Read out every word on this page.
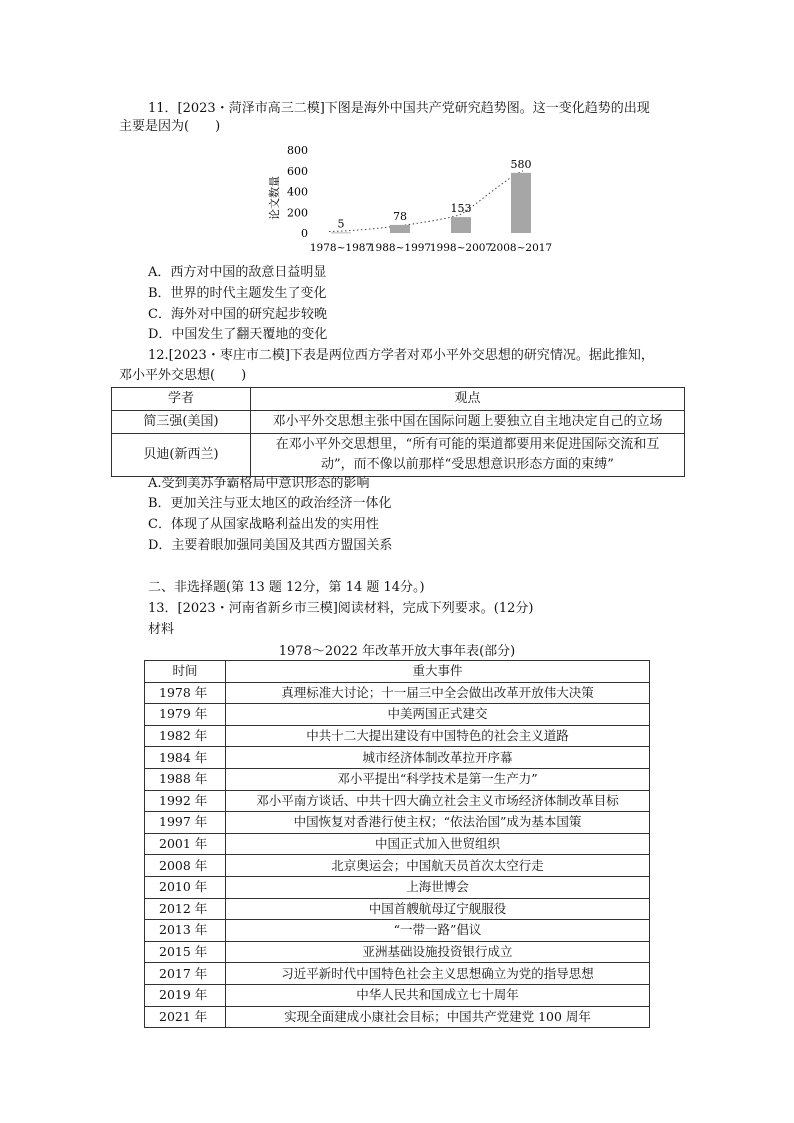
11．[2023・菏泽市高三二模]下图是海外中国共产党研究趋势图。这一变化趋势的出现
主要是因为(　　)
论文数量
800
600
400
200
0
5
78
153
580
1978~1987
1988~1997
1998~2007
2008~2017
A．西方对中国的敌意日益明显
B．世界的时代主题发生了变化
C．海外对中国的研究起步较晚
D．中国发生了翻天覆地的变化
12.[2023・枣庄市二模]下表是两位西方学者对邓小平外交思想的研究情况。据此推知，
邓小平外交思想(　　)
学者	观点
简三强(美国)	邓小平外交思想主张中国在国际问题上要独立自主地决定自己的立场
贝迪(新西兰)	在邓小平外交思想里，“所有可能的渠道都要用来促进国际交流和互
动”，而不像以前那样“受思想意识形态方面的束缚”
A.受到美苏争霸格局中意识形态的影响
B．更加关注与亚太地区的政治经济一体化
C．体现了从国家战略利益出发的实用性
D．主要着眼加强同美国及其西方盟国关系
二、非选择题(第 13 题 12分，第 14 题 14分。)
13．[2023・河南省新乡市三模]阅读材料，完成下列要求。(12分)
材料
1978～2022 年改革开放大事年表(部分)
时间	重大事件
1978 年	真理标准大讨论；十一届三中全会做出改革开放伟大决策
1979 年	中美两国正式建交
1982 年	中共十二大提出建设有中国特色的社会主义道路
1984 年	城市经济体制改革拉开序幕
1988 年	邓小平提出“科学技术是第一生产力”
1992 年	邓小平南方谈话、中共十四大确立社会主义市场经济体制改革目标
1997 年	中国恢复对香港行使主权；“依法治国”成为基本国策
2001 年	中国正式加入世贸组织
2008 年	北京奥运会；中国航天员首次太空行走
2010 年	上海世博会
2012 年	中国首艘航母辽宁舰服役
2013 年	“一带一路”倡议
2015 年	亚洲基础设施投资银行成立
2017 年	习近平新时代中国特色社会主义思想确立为党的指导思想
2019 年	中华人民共和国成立七十周年
2021 年	实现全面建成小康社会目标；中国共产党建党 100 周年
